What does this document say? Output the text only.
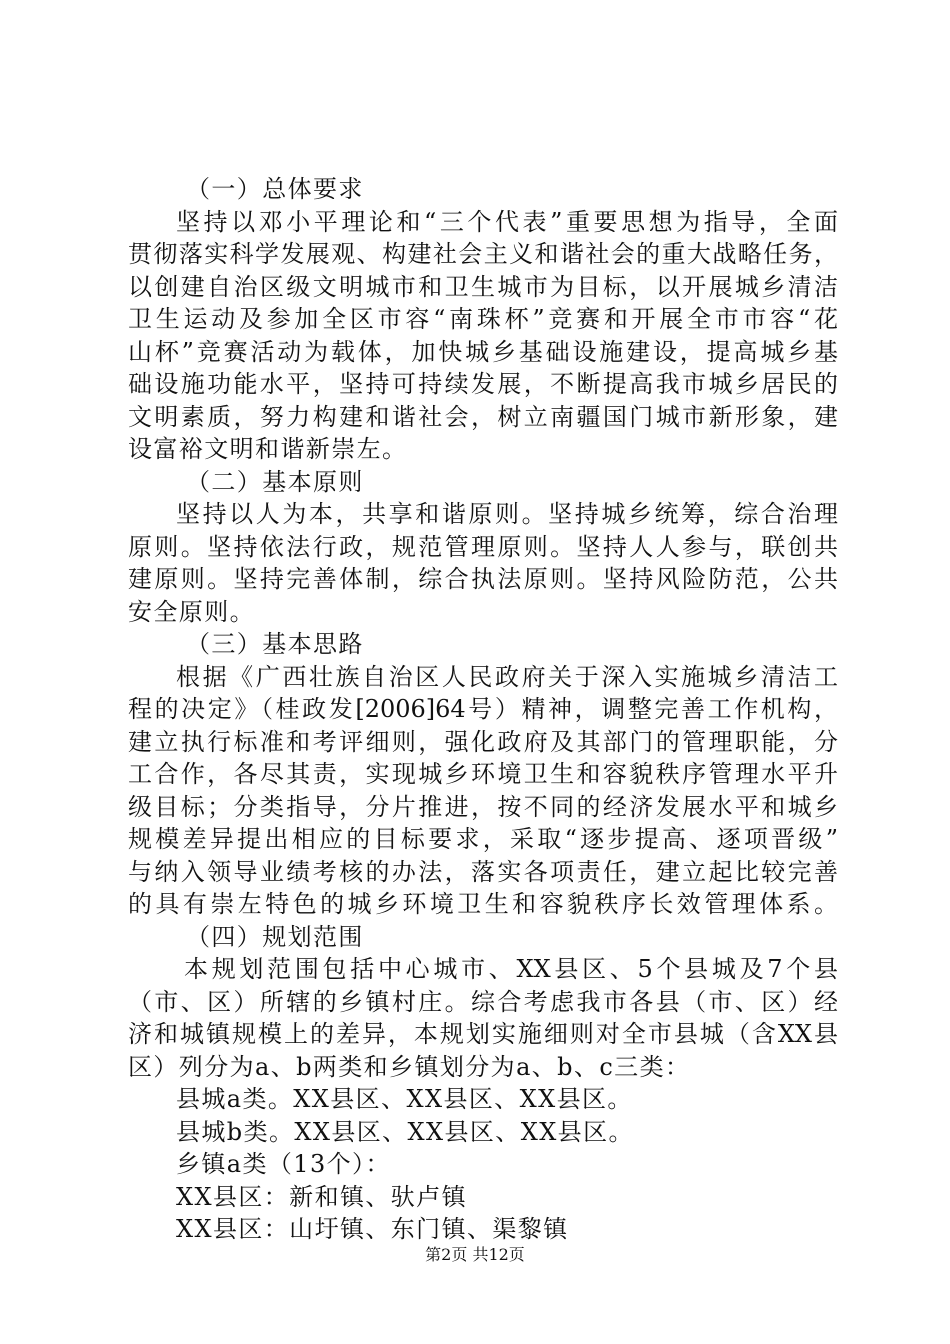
（一）总体要求
坚持以邓小平理论和“三个代表”重要思想为指导，全面
贯彻落实科学发展观、构建社会主义和谐社会的重大战略任务，
以创建自治区级文明城市和卫生城市为目标，以开展城乡清洁
卫生运动及参加全区市容“南珠杯”竞赛和开展全市市容“花
山杯”竞赛活动为载体，加快城乡基础设施建设，提高城乡基
础设施功能水平，坚持可持续发展，不断提高我市城乡居民的
文明素质，努力构建和谐社会，树立南疆国门城市新形象，建
设富裕文明和谐新崇左。
（二）基本原则
坚持以人为本，共享和谐原则。坚持城乡统筹，综合治理
原则。坚持依法行政，规范管理原则。坚持人人参与，联创共
建原则。坚持完善体制，综合执法原则。坚持风险防范，公共
安全原则。
（三）基本思路
根据《广西壮族自治区人民政府关于深入实施城乡清洁工
程的决定》（桂政发[2006]64号）精神，调整完善工作机构，
建立执行标准和考评细则，强化政府及其部门的管理职能，分
工合作，各尽其责，实现城乡环境卫生和容貌秩序管理水平升
级目标；分类指导，分片推进，按不同的经济发展水平和城乡
规模差异提出相应的目标要求，采取“逐步提高、逐项晋级”
与纳入领导业绩考核的办法，落实各项责任，建立起比较完善
的具有崇左特色的城乡环境卫生和容貌秩序长效管理体系。
（四）规划范围
本规划范围包括中心城市、XX县区、5个县城及7个县
（市、区）所辖的乡镇村庄。综合考虑我市各县（市、区）经
济和城镇规模上的差异，本规划实施细则对全市县城（含XX县
区）列分为a、b两类和乡镇划分为a、b、c三类：
县城a类。XX县区、XX县区、XX县区。
县城b类。XX县区、XX县区、XX县区。
乡镇a类（13个）：
XX县区：新和镇、驮卢镇
XX县区：山圩镇、东门镇、渠黎镇
第2页 共12页
